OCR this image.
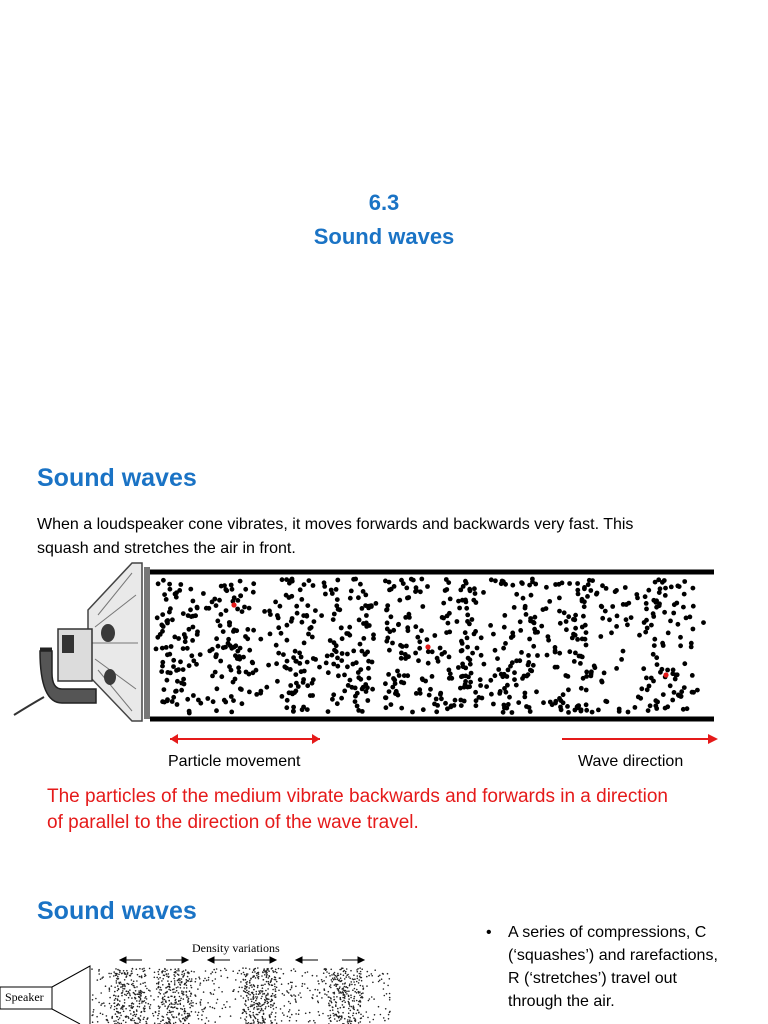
6.3
Sound waves
Sound waves
When a loudspeaker cone vibrates, it moves forwards and backwards very fast. This
squash and stretches the air in front.
Particle movement	Wave direction
The particles of the medium vibrate backwards and forwards in a direction
of parallel to the direction of the wave travel.
Sound waves
Density variations
Speaker
• A series of compressions, C
(‘squashes’) and rarefactions,
R (‘stretches’) travel out
through the air.
